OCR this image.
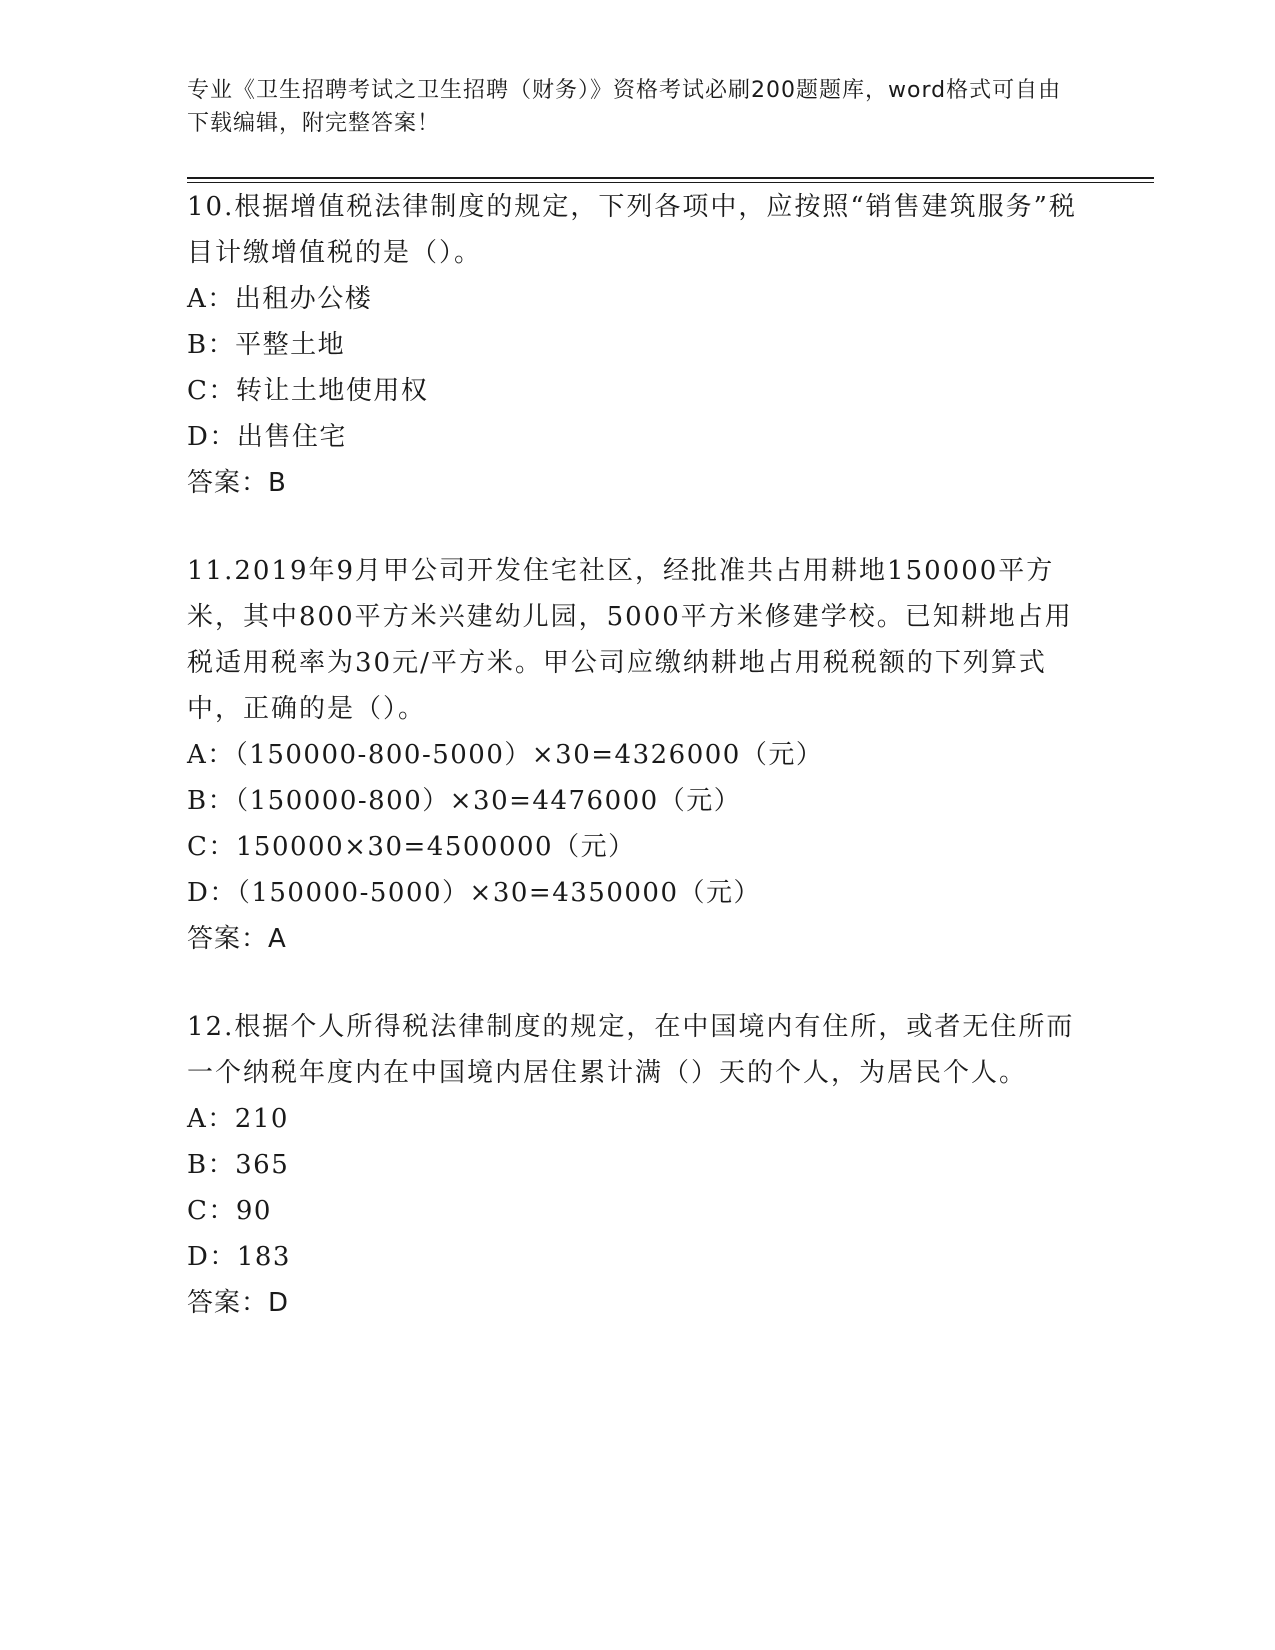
专业《卫生招聘考试之卫生招聘（财务）》资格考试必刷200题题库，word格式可自由下载编辑，附完整答案！

10.根据增值税法律制度的规定，下列各项中，应按照“销售建筑服务”税目计缴增值税的是（）。

A：出租办公楼

B：平整土地

C：转让土地使用权

D：出售住宅

答案：B

11.2019年9月甲公司开发住宅社区，经批准共占用耕地150000平方米，其中800平方米兴建幼儿园，5000平方米修建学校。已知耕地占用税适用税率为30元/平方米。甲公司应缴纳耕地占用税税额的下列算式中，正确的是（）。

A：（150000-800-5000）×30=4326000（元）

B：（150000-800）×30=4476000（元）

C：150000×30=4500000（元）

D：（150000-5000）×30=4350000（元）

答案：A

12.根据个人所得税法律制度的规定，在中国境内有住所，或者无住所而一个纳税年度内在中国境内居住累计满（）天的个人，为居民个人。

A：210

B：365

C：90

D：183

答案：D
